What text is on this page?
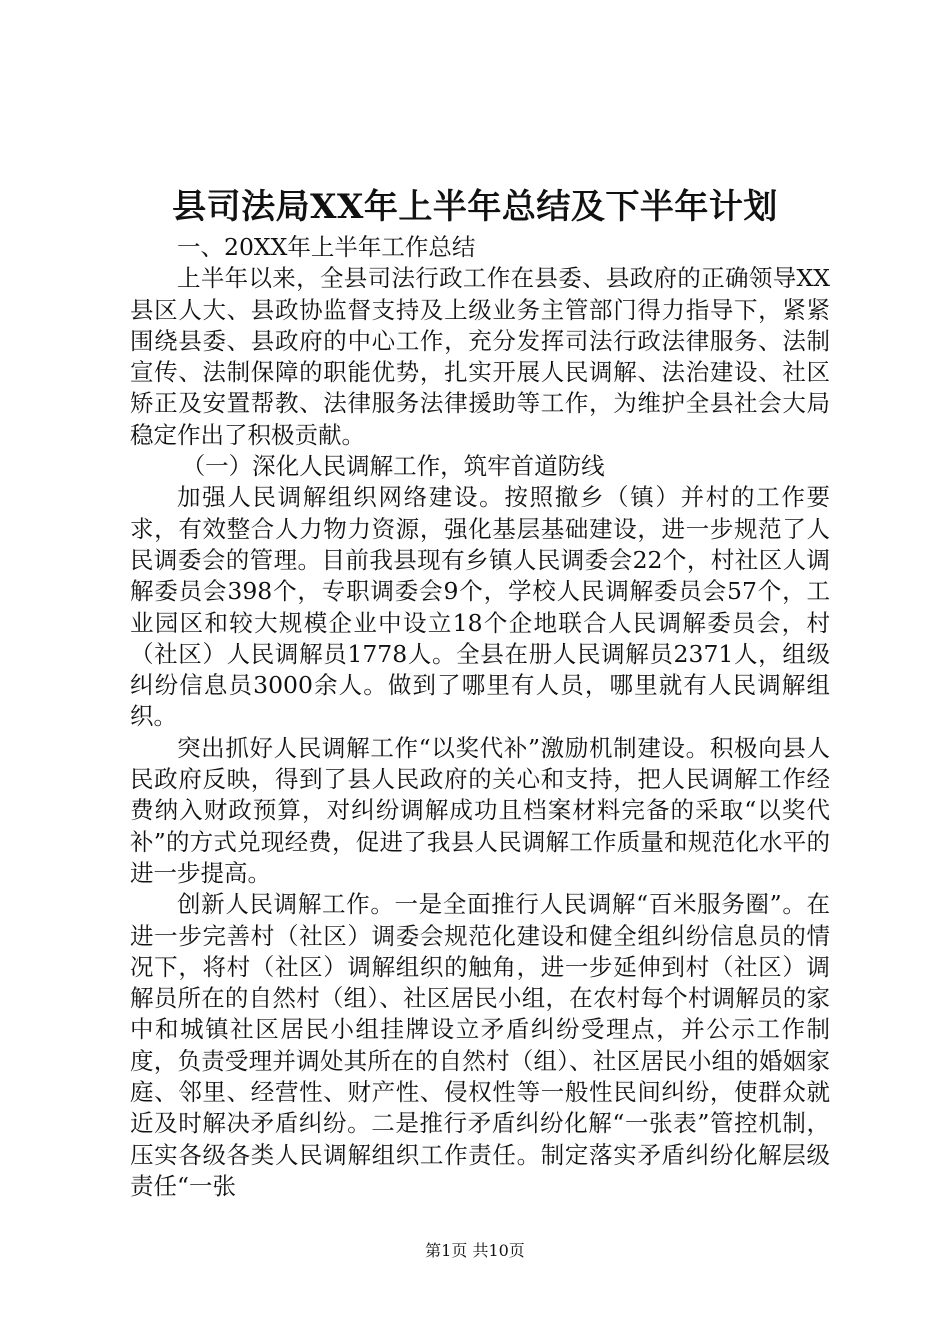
县司法局XX年上半年总结及下半年计划

一、20XX年上半年工作总结

上半年以来，全县司法行政工作在县委、县政府的正确领导XX县区人大、县政协监督支持及上级业务主管部门得力指导下，紧紧围绕县委、县政府的中心工作，充分发挥司法行政法律服务、法制宣传、法制保障的职能优势，扎实开展人民调解、法治建设、社区矫正及安置帮教、法律服务法律援助等工作，为维护全县社会大局稳定作出了积极贡献。

（一）深化人民调解工作，筑牢首道防线

加强人民调解组织网络建设。按照撤乡（镇）并村的工作要求，有效整合人力物力资源，强化基层基础建设，进一步规范了人民调委会的管理。目前我县现有乡镇人民调委会22个，村社区人调解委员会398个，专职调委会9个，学校人民调解委员会57个，工业园区和较大规模企业中设立18个企地联合人民调解委员会，村（社区）人民调解员1778人。全县在册人民调解员2371人，组级纠纷信息员3000余人。做到了哪里有人员，哪里就有人民调解组织。

突出抓好人民调解工作“以奖代补”激励机制建设。积极向县人民政府反映，得到了县人民政府的关心和支持，把人民调解工作经费纳入财政预算，对纠纷调解成功且档案材料完备的采取“以奖代补”的方式兑现经费，促进了我县人民调解工作质量和规范化水平的进一步提高。

创新人民调解工作。一是全面推行人民调解“百米服务圈”。在进一步完善村（社区）调委会规范化建设和健全组纠纷信息员的情况下，将村（社区）调解组织的触角，进一步延伸到村（社区）调解员所在的自然村（组）、社区居民小组，在农村每个村调解员的家中和城镇社区居民小组挂牌设立矛盾纠纷受理点，并公示工作制度，负责受理并调处其所在的自然村（组）、社区居民小组的婚姻家庭、邻里、经营性、财产性、侵权性等一般性民间纠纷，使群众就近及时解决矛盾纠纷。二是推行矛盾纠纷化解“一张表”管控机制，压实各级各类人民调解组织工作责任。制定落实矛盾纠纷化解层级责任“一张

第1页 共10页
